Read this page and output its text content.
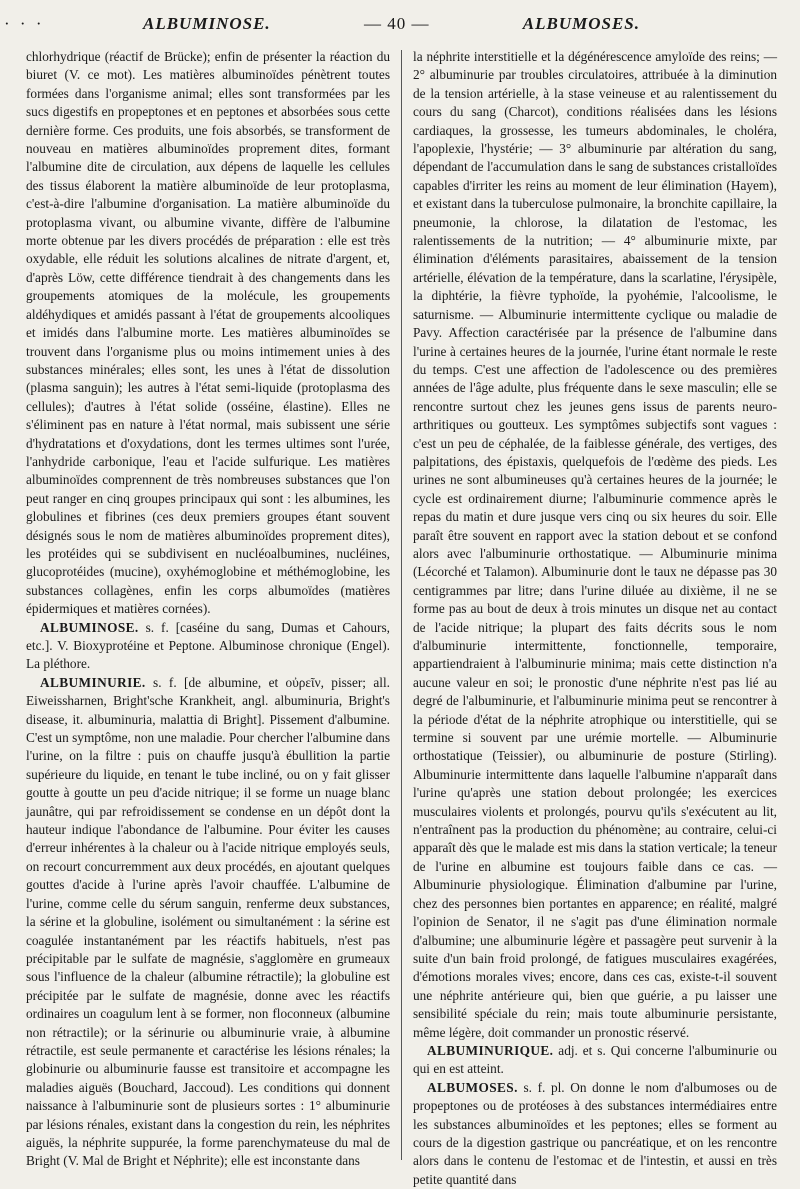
· · ·	ALBUMINOSE.	— 40 —	ALBUMOSES.

chlorhydrique (réactif de Brücke); enfin de présenter la réaction du biuret (V. ce mot). Les matières albuminoïdes pénètrent toutes formées dans l'organisme animal; elles sont transformées par les sucs digestifs en propeptones et en peptones et absorbées sous cette dernière forme. Ces produits, une fois absorbés, se transforment de nouveau en matières albuminoïdes proprement dites, formant l'albumine dite de circulation, aux dépens de laquelle les cellules des tissus élaborent la matière albuminoïde de leur protoplasma, c'est-à-dire l'albumine d'organisation. La matière albuminoïde du protoplasma vivant, ou albumine vivante, diffère de l'albumine morte obtenue par les divers procédés de préparation : elle est très oxydable, elle réduit les solutions alcalines de nitrate d'argent, et, d'après Löw, cette différence tiendrait à des changements dans les groupements atomiques de la molécule, les groupements aldéhydiques et amidés passant à l'état de groupements alcooliques et imidés dans l'albumine morte. Les matières albuminoïdes se trouvent dans l'organisme plus ou moins intimement unies à des substances minérales; elles sont, les unes à l'état de dissolution (plasma sanguin); les autres à l'état semi-liquide (protoplasma des cellules); d'autres à l'état solide (osséine, élastine). Elles ne s'éliminent pas en nature à l'état normal, mais subissent une série d'hydratations et d'oxydations, dont les termes ultimes sont l'urée, l'anhydride carbonique, l'eau et l'acide sulfurique. Les matières albuminoïdes comprennent de très nombreuses substances que l'on peut ranger en cinq groupes principaux qui sont : les albumines, les globulines et fibrines (ces deux premiers groupes étant souvent désignés sous le nom de matières albuminoïdes proprement dites), les protéides qui se subdivisent en nucléoalbumines, nucléines, glucoprotéides (mucine), oxyhémoglobine et méthémoglobine, les substances collagènes, enfin les corps albumoïdes (matières épidermiques et matières cornées).

ALBUMINOSE. s. f. [caséine du sang, Dumas et Cahours, etc.]. V. Bioxyprotéine et Peptone. Albuminose chronique (Engel). La pléthore.

ALBUMINURIE. s. f. [de albumine, et οὐρεῖν, pisser; all. Eiweissharnen, Bright'sche Krankheit, angl. albuminuria, Bright's disease, it. albuminuria, malattia di Bright]. Pissement d'albumine. C'est un symptôme, non une maladie. Pour chercher l'albumine dans l'urine, on la filtre : puis on chauffe jusqu'à ébullition la partie supérieure du liquide, en tenant le tube incliné, ou on y fait glisser goutte à goutte un peu d'acide nitrique; il se forme un nuage blanc jaunâtre, qui par refroidissement se condense en un dépôt dont la hauteur indique l'abondance de l'albumine. Pour éviter les causes d'erreur inhérentes à la chaleur ou à l'acide nitrique employés seuls, on recourt concurremment aux deux procédés, en ajoutant quelques gouttes d'acide à l'urine après l'avoir chauffée. L'albumine de l'urine, comme celle du sérum sanguin, renferme deux substances, la sérine et la globuline, isolément ou simultanément : la sérine est coagulée instantanément par les réactifs habituels, n'est pas précipitable par le sulfate de magnésie, s'agglomère en grumeaux sous l'influence de la chaleur (albumine rétractile); la globuline est précipitée par le sulfate de magnésie, donne avec les réactifs ordinaires un coagulum lent à se former, non floconneux (albumine non rétractile); or la sérinurie ou albuminurie vraie, à albumine rétractile, est seule permanente et caractérise les lésions rénales; la globinurie ou albuminurie fausse est transitoire et accompagne les maladies aiguës (Bouchard, Jaccoud). Les conditions qui donnent naissance à l'albuminurie sont de plusieurs sortes : 1° albuminurie par lésions rénales, existant dans la congestion du rein, les néphrites aiguës, la néphrite suppurée, la forme parenchymateuse du mal de Bright (V. Mal de Bright et Néphrite); elle est inconstante dans

la néphrite interstitielle et la dégénérescence amyloïde des reins; — 2° albuminurie par troubles circulatoires, attribuée à la diminution de la tension artérielle, à la stase veineuse et au ralentissement du cours du sang (Charcot), conditions réalisées dans les lésions cardiaques, la grossesse, les tumeurs abdominales, le choléra, l'apoplexie, l'hystérie; — 3° albuminurie par altération du sang, dépendant de l'accumulation dans le sang de substances cristalloïdes capables d'irriter les reins au moment de leur élimination (Hayem), et existant dans la tuberculose pulmonaire, la bronchite capillaire, la pneumonie, la chlorose, la dilatation de l'estomac, les ralentissements de la nutrition; — 4° albuminurie mixte, par élimination d'éléments parasitaires, abaissement de la tension artérielle, élévation de la température, dans la scarlatine, l'érysipèle, la diphtérie, la fièvre typhoïde, la pyohémie, l'alcoolisme, le saturnisme. — Albuminurie intermittente cyclique ou maladie de Pavy. Affection caractérisée par la présence de l'albumine dans l'urine à certaines heures de la journée, l'urine étant normale le reste du temps. C'est une affection de l'adolescence ou des premières années de l'âge adulte, plus fréquente dans le sexe masculin; elle se rencontre surtout chez les jeunes gens issus de parents neuro-arthritiques ou goutteux. Les symptômes subjectifs sont vagues : c'est un peu de céphalée, de la faiblesse générale, des vertiges, des palpitations, des épistaxis, quelquefois de l'œdème des pieds. Les urines ne sont albumineuses qu'à certaines heures de la journée; le cycle est ordinairement diurne; l'albuminurie commence après le repas du matin et dure jusque vers cinq ou six heures du soir. Elle paraît être souvent en rapport avec la station debout et se confond alors avec l'albuminurie orthostatique. — Albuminurie minima (Lécorché et Talamon). Albuminurie dont le taux ne dépasse pas 30 centigrammes par litre; dans l'urine diluée au dixième, il ne se forme pas au bout de deux à trois minutes un disque net au contact de l'acide nitrique; la plupart des faits décrits sous le nom d'albuminurie intermittente, fonctionnelle, temporaire, appartiendraient à l'albuminurie minima; mais cette distinction n'a aucune valeur en soi; le pronostic d'une néphrite n'est pas lié au degré de l'albuminurie, et l'albuminurie minima peut se rencontrer à la période d'état de la néphrite atrophique ou interstitielle, qui se termine si souvent par une urémie mortelle. — Albuminurie orthostatique (Teissier), ou albuminurie de posture (Stirling). Albuminurie intermittente dans laquelle l'albumine n'apparaît dans l'urine qu'après une station debout prolongée; les exercices musculaires violents et prolongés, pourvu qu'ils s'exécutent au lit, n'entraînent pas la production du phénomène; au contraire, celui-ci apparaît dès que le malade est mis dans la station verticale; la teneur de l'urine en albumine est toujours faible dans ce cas. — Albuminurie physiologique. Élimination d'albumine par l'urine, chez des personnes bien portantes en apparence; en réalité, malgré l'opinion de Senator, il ne s'agit pas d'une élimination normale d'albumine; une albuminurie légère et passagère peut survenir à la suite d'un bain froid prolongé, de fatigues musculaires exagérées, d'émotions morales vives; encore, dans ces cas, existe-t-il souvent une néphrite antérieure qui, bien que guérie, a pu laisser une sensibilité spéciale du rein; mais toute albuminurie persistante, même légère, doit commander un pronostic réservé.

ALBUMINURIQUE. adj. et s. Qui concerne l'albuminurie ou qui en est atteint.

ALBUMOSES. s. f. pl. On donne le nom d'albumoses ou de propeptones ou de protéoses à des substances intermédiaires entre les substances albuminoïdes et les peptones; elles se forment au cours de la digestion gastrique ou pancréatique, et on les rencontre alors dans le contenu de l'estomac et de l'intestin, et aussi en très petite quantité dans
